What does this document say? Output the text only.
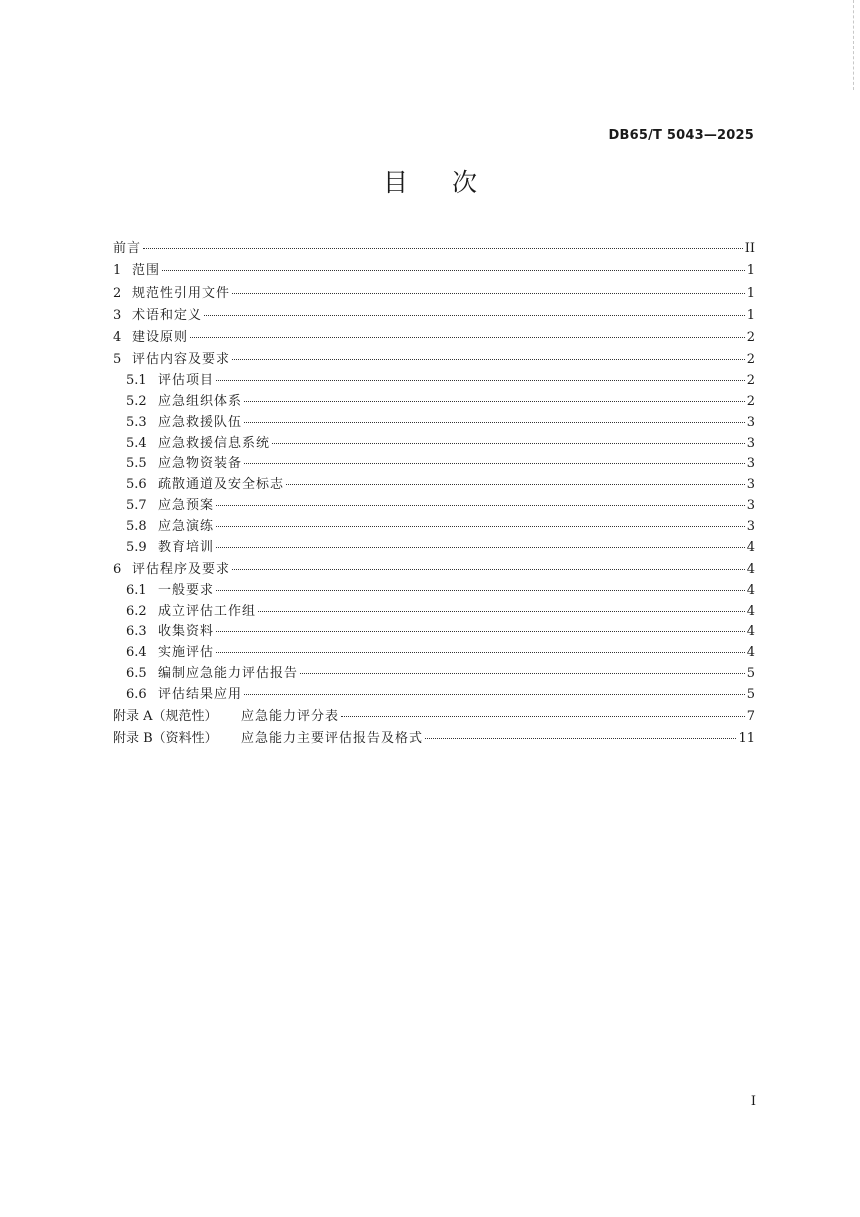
DB65/T 5043—2025
目次
前言	II
1 范围	1
2 规范性引用文件	1
3 术语和定义	1
4 建设原则	2
5 评估内容及要求	2
5.1 评估项目	2
5.2 应急组织体系	2
5.3 应急救援队伍	3
5.4 应急救援信息系统	3
5.5 应急物资装备	3
5.6 疏散通道及安全标志	3
5.7 应急预案	3
5.8 应急演练	3
5.9 教育培训	4
6 评估程序及要求	4
6.1 一般要求	4
6.2 成立评估工作组	4
6.3 收集资料	4
6.4 实施评估	4
6.5 编制应急能力评估报告	5
6.6 评估结果应用	5
附录 A（规范性）	应急能力评分表	7
附录 B（资料性）	应急能力主要评估报告及格式	11
I
